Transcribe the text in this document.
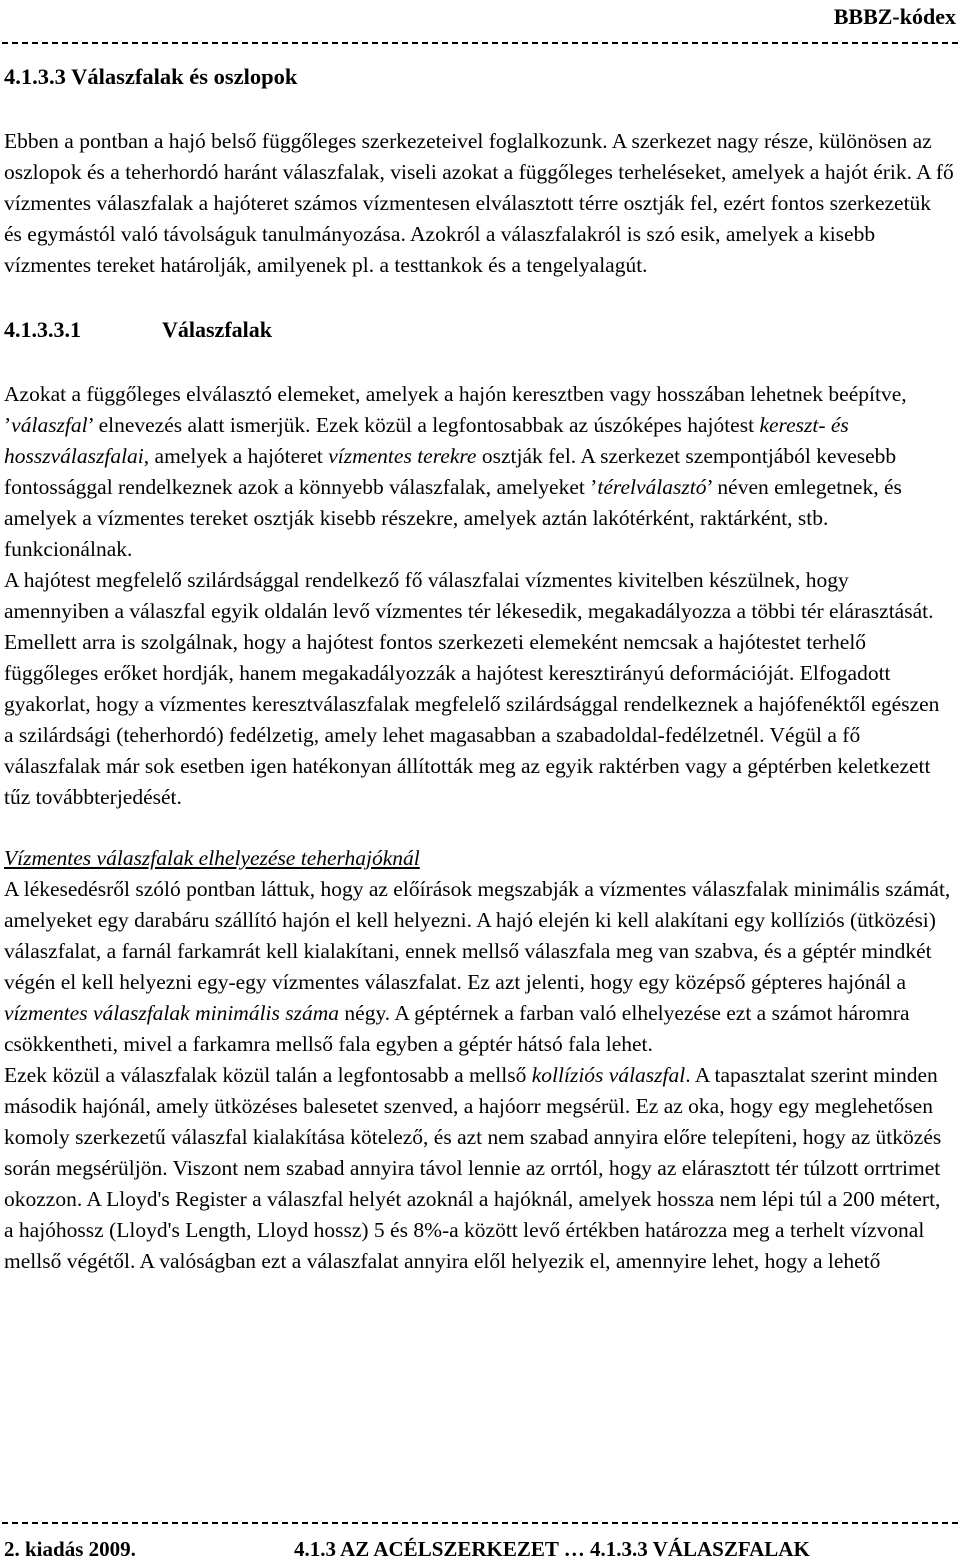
BBBZ-kódex
4.1.3.3 Válaszfalak és oszlopok

Ebben a pontban a hajó belső függőleges szerkezeteivel foglalkozunk. A szerkezet nagy része, különösen az oszlopok és a teherhordó haránt válaszfalak, viseli azokat a függőleges terheléseket, amelyek a hajót érik. A fő vízmentes válaszfalak a hajóteret számos vízmentesen elválasztott térre osztják fel, ezért fontos szerkezetük és egymástól való távolságuk tanulmányozása. Azokról a válaszfalakról is szó esik, amelyek a kisebb vízmentes tereket határolják, amilyenek pl. a testtankok és a tengelyalagút.

4.1.3.3.1	Válaszfalak

Azokat a függőleges elválasztó elemeket, amelyek a hajón keresztben vagy hosszában lehetnek beépítve, ’válaszfal’ elnevezés alatt ismerjük. Ezek közül a legfontosabbak az úszóképes hajótest kereszt- és hosszválaszfalai, amelyek a hajóteret vízmentes terekre osztják fel. A szerkezet szempontjából kevesebb fontossággal rendelkeznek azok a könnyebb válaszfalak, amelyeket ’térelválasztó’ néven emlegetnek, és amelyek a vízmentes tereket osztják kisebb részekre, amelyek aztán lakótérként, raktárként, stb. funkcionálnak.

A hajótest megfelelő szilárdsággal rendelkező fő válaszfalai vízmentes kivitelben készülnek, hogy amennyiben a válaszfal egyik oldalán levő vízmentes tér lékesedik, megakadályozza a többi tér elárasztását. Emellett arra is szolgálnak, hogy a hajótest fontos szerkezeti elemeként nemcsak a hajótestet terhelő függőleges erőket hordják, hanem megakadályozzák a hajótest keresztirányú deformációját. Elfogadott gyakorlat, hogy a vízmentes keresztválaszfalak megfelelő szilárdsággal rendelkeznek a hajófenéktől egészen a szilárdsági (teherhordó) fedélzetig, amely lehet magasabban a szabadoldal-fedélzetnél. Végül a fő válaszfalak már sok esetben igen hatékonyan állították meg az egyik raktérben vagy a géptérben keletkezett tűz továbbterjedését.

Vízmentes válaszfalak elhelyezése teherhajóknál

A lékesedésről szóló pontban láttuk, hogy az előírások megszabják a vízmentes válaszfalak minimális számát, amelyeket egy darabáru szállító hajón el kell helyezni. A hajó elején ki kell alakítani egy kollíziós (ütközési) válaszfalat, a farnál farkamrát kell kialakítani, ennek mellső válaszfala meg van szabva, és a géptér mindkét végén el kell helyezni egy-egy vízmentes válaszfalat. Ez azt jelenti, hogy egy középső gépteres hajónál a vízmentes válaszfalak minimális száma négy. A géptérnek a farban való elhelyezése ezt a számot háromra csökkentheti, mivel a farkamra mellső fala egyben a géptér hátsó fala lehet.

Ezek közül a válaszfalak közül talán a legfontosabb a mellső kollíziós válaszfal. A tapasztalat szerint minden második hajónál, amely ütközéses balesetet szenved, a hajóorr megsérül. Ez az oka, hogy egy meglehetősen komoly szerkezetű válaszfal kialakítása kötelező, és azt nem szabad annyira előre telepíteni, hogy az ütközés során megsérüljön. Viszont nem szabad annyira távol lennie az orrtól, hogy az elárasztott tér túlzott orrtrimet okozzon. A Lloyd's Register a válaszfal helyét azoknál a hajóknál, amelyek hossza nem lépi túl a 200 métert, a hajóhossz (Lloyd's Length, Lloyd hossz) 5 és 8%-a között levő értékben határozza meg a terhelt vízvonal mellső végétől. A valóságban ezt a válaszfalat annyira elől helyezik el, amennyire lehet, hogy a lehető

2. kiadás 2009.	4.1.3 AZ ACÉLSZERKEZET … 4.1.3.3 VÁLASZFALAK
